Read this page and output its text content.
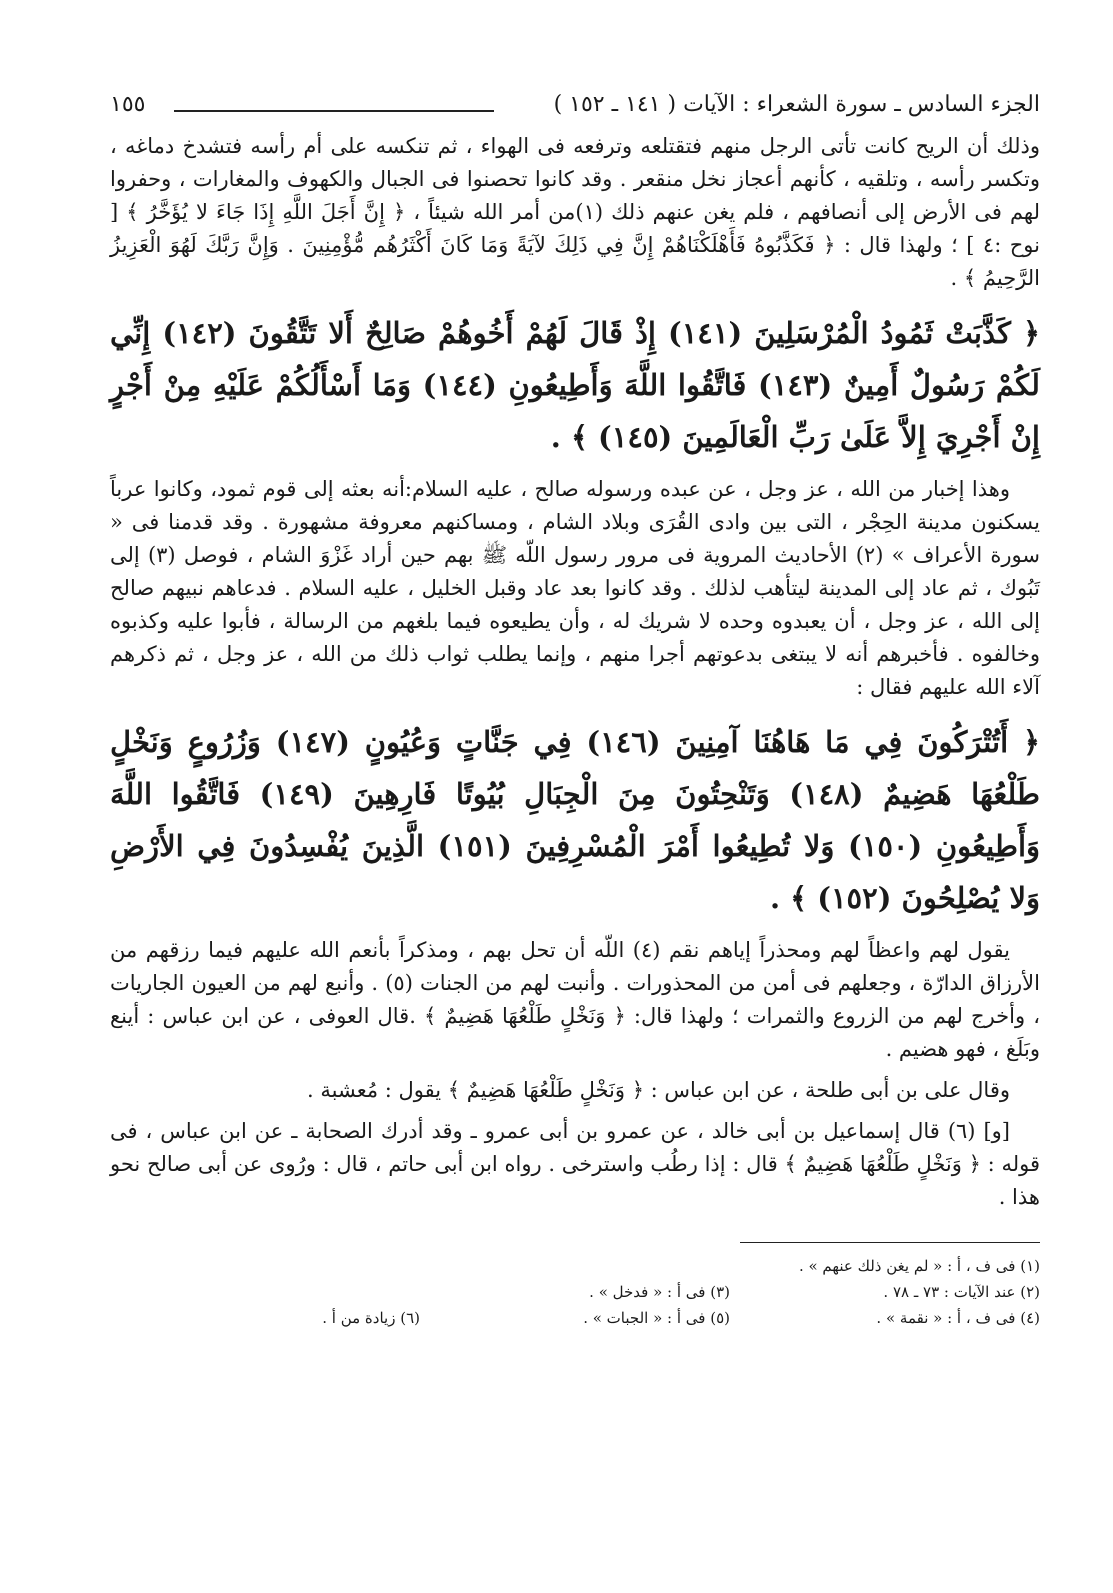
الجزء السادس ـ سورة الشعراء : الآيات ( ١٤١ ـ ١٥٢ )
١٥٥

وذلك أن الريح كانت تأتى الرجل منهم فتقتلعه وترفعه فى الهواء ، ثم تنكسه على أم رأسه فتشدخ دماغه ، وتكسر رأسه ، وتلقيه ، كأنهم أعجاز نخل منقعر . وقد كانوا تحصنوا فى الجبال والكهوف والمغارات ، وحفروا لهم فى الأرض إلى أنصافهم ، فلم يغن عنهم ذلك (١)من أمر الله شيئاً ، ﴿ إِنَّ أَجَلَ اللَّهِ إِذَا جَاءَ لا يُؤَخَّرُ ﴾ [ نوح :٤ ] ؛ ولهذا قال : ﴿ فَكَذَّبُوهُ فَأَهْلَكْنَاهُمْ إِنَّ فِي ذَلِكَ لآيَةً وَمَا كَانَ أَكْثَرُهُم مُّؤْمِنِينَ . وَإِنَّ رَبَّكَ لَهُوَ الْعَزِيزُ الرَّحِيمُ ﴾ .

﴿ كَذَّبَتْ ثَمُودُ الْمُرْسَلِينَ (١٤١) إِذْ قَالَ لَهُمْ أَخُوهُمْ صَالِحٌ أَلا تَتَّقُونَ (١٤٢) إِنِّي لَكُمْ رَسُولٌ أَمِينٌ (١٤٣) فَاتَّقُوا اللَّهَ وَأَطِيعُونِ (١٤٤) وَمَا أَسْأَلُكُمْ عَلَيْهِ مِنْ أَجْرٍ إِنْ أَجْرِيَ إِلاَّ عَلَىٰ رَبِّ الْعَالَمِينَ (١٤٥) ﴾ .

وهذا إخبار من الله ، عز وجل ، عن عبده ورسوله صالح ، عليه السلام:أنه بعثه إلى قوم ثمود، وكانوا عرباً يسكنون مدينة الحِجْر ، التى بين وادى القُرَى وبلاد الشام ، ومساكنهم معروفة مشهورة . وقد قدمنا فى « سورة الأعراف » (٢) الأحاديث المروية فى مرور رسول اللّه ﷺ بهم حين أراد غَزْوَ الشام ، فوصل (٣) إلى تَبُوك ، ثم عاد إلى المدينة ليتأهب لذلك . وقد كانوا بعد عاد وقبل الخليل ، عليه السلام . فدعاهم نبيهم صالح إلى الله ، عز وجل ، أن يعبدوه وحده لا شريك له ، وأن يطيعوه فيما بلغهم من الرسالة ، فأبوا عليه وكذبوه وخالفوه . فأخبرهم أنه لا يبتغى بدعوتهم أجرا منهم ، وإنما يطلب ثواب ذلك من الله ، عز وجل ، ثم ذكرهم آلاء الله عليهم فقال :

﴿ أَتُتْرَكُونَ فِي مَا هَاهُنَا آمِنِينَ (١٤٦) فِي جَنَّاتٍ وَعُيُونٍ (١٤٧) وَزُرُوعٍ وَنَخْلٍ طَلْعُهَا هَضِيمٌ (١٤٨) وَتَنْحِتُونَ مِنَ الْجِبَالِ بُيُوتًا فَارِهِينَ (١٤٩) فَاتَّقُوا اللَّهَ وَأَطِيعُونِ (١٥٠) وَلا تُطِيعُوا أَمْرَ الْمُسْرِفِينَ (١٥١) الَّذِينَ يُفْسِدُونَ فِي الأَرْضِ وَلا يُصْلِحُونَ (١٥٢) ﴾ .

يقول لهم واعظاً لهم ومحذراً إياهم نقم (٤) اللّه أن تحل بهم ، ومذكراً بأنعم الله عليهم فيما رزقهم من الأرزاق الدارّة ، وجعلهم فى أمن من المحذورات . وأنبت لهم من الجنات (٥) . وأنبع لهم من العيون الجاريات ، وأخرج لهم من الزروع والثمرات ؛ ولهذا قال: ﴿ وَنَخْلٍ طَلْعُهَا هَضِيمٌ ﴾ .قال العوفى ، عن ابن عباس : أينع وبَلَغ ، فهو هضيم .

وقال على بن أبى طلحة ، عن ابن عباس : ﴿ وَنَخْلٍ طَلْعُهَا هَضِيمٌ ﴾ يقول : مُعشبة .

[و] (٦) قال إسماعيل بن أبى خالد ، عن عمرو بن أبى عمرو ـ وقد أدرك الصحابة ـ عن ابن عباس ، فى قوله : ﴿ وَنَخْلٍ طَلْعُهَا هَضِيمٌ ﴾ قال : إذا رطُب واسترخى . رواه ابن أبى حاتم ، قال : ورُوى عن أبى صالح نحو هذا .

(١) فى ف ، أ : « لم يغن ذلك عنهم » .
(٢) عند الآيات : ٧٣ ـ ٧٨ .
(٣) فى أ : « فدخل » .
(٤) فى ف ، أ : « نقمة » .
(٥) فى أ : « الجبات » .
(٦) زيادة من أ .
